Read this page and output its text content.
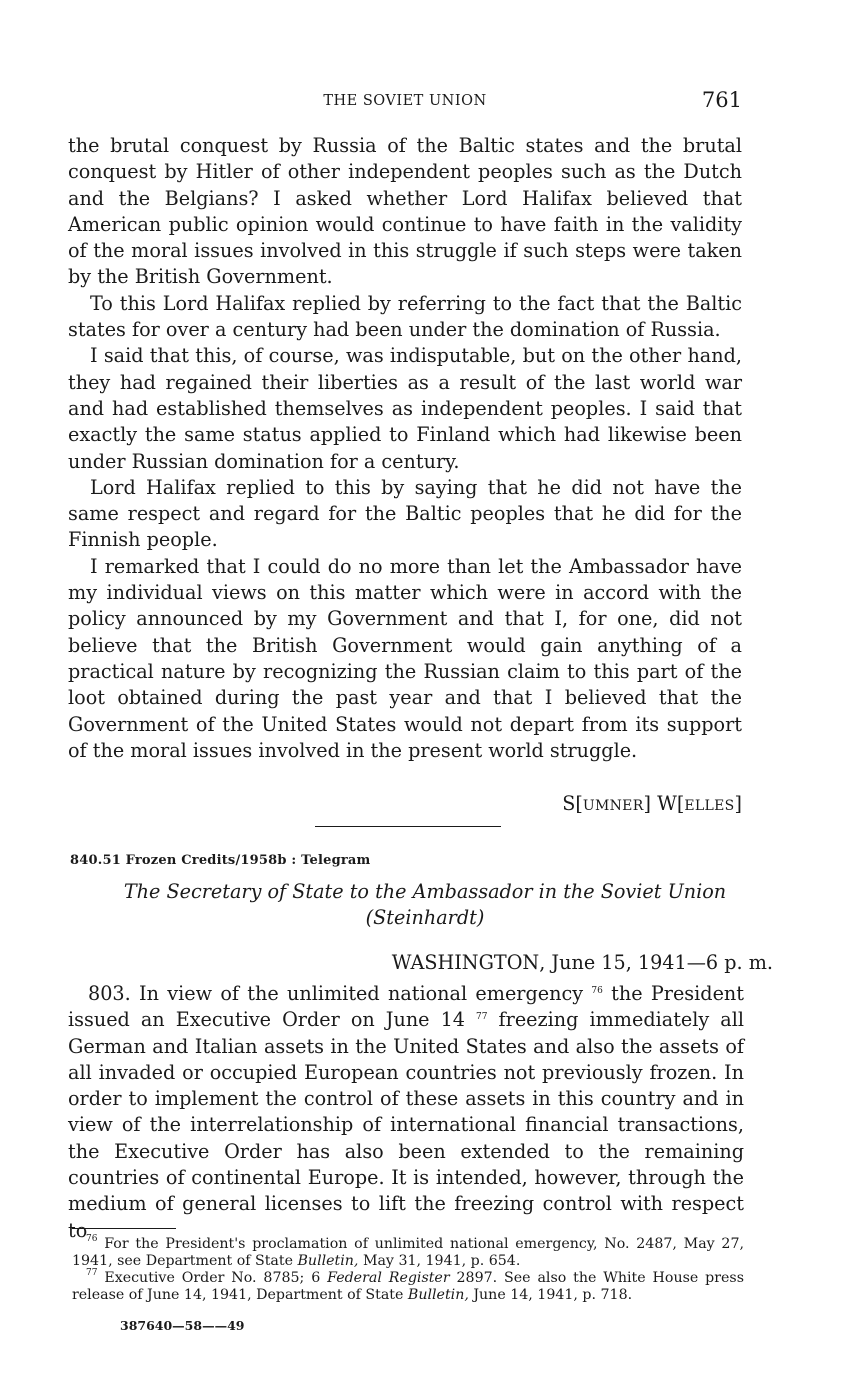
THE SOVIET UNION	761

the brutal conquest by Russia of the Baltic states and the brutal conquest by Hitler of other independent peoples such as the Dutch and the Belgians? I asked whether Lord Halifax believed that American public opinion would continue to have faith in the validity of the moral issues involved in this struggle if such steps were taken by the British Government.

To this Lord Halifax replied by referring to the fact that the Baltic states for over a century had been under the domination of Russia.

I said that this, of course, was indisputable, but on the other hand, they had regained their liberties as a result of the last world war and had established themselves as independent peoples. I said that exactly the same status applied to Finland which had likewise been under Russian domination for a century.

Lord Halifax replied to this by saying that he did not have the same respect and regard for the Baltic peoples that he did for the Finnish people.

I remarked that I could do no more than let the Ambassador have my individual views on this matter which were in accord with the policy announced by my Government and that I, for one, did not believe that the British Government would gain anything of a practical nature by recognizing the Russian claim to this part of the loot obtained during the past year and that I believed that the Government of the United States would not depart from its support of the moral issues involved in the present world struggle.

S[UMNER] W[ELLES]
840.51 Frozen Credits/1958b : Telegram
The Secretary of State to the Ambassador in the Soviet Union
(Steinhardt)
WASHINGTON, June 15, 1941—6 p. m.

803. In view of the unlimited national emergency $^{76}$ the President issued an Executive Order on June 14 $^{77}$ freezing immediately all German and Italian assets in the United States and also the assets of all invaded or occupied European countries not previously frozen. In order to implement the control of these assets in this country and in view of the interrelationship of international financial transactions, the Executive Order has also been extended to the remaining countries of continental Europe. It is intended, however, through the medium of general licenses to lift the freezing control with respect to

$^{76}$ For the President's proclamation of unlimited national emergency, No. 2487, May 27, 1941, see Department of State Bulletin, May 31, 1941, p. 654.

$^{77}$ Executive Order No. 8785; 6 Federal Register 2897. See also the White House press release of June 14, 1941, Department of State Bulletin, June 14, 1941, p. 718.

387640—58——49
